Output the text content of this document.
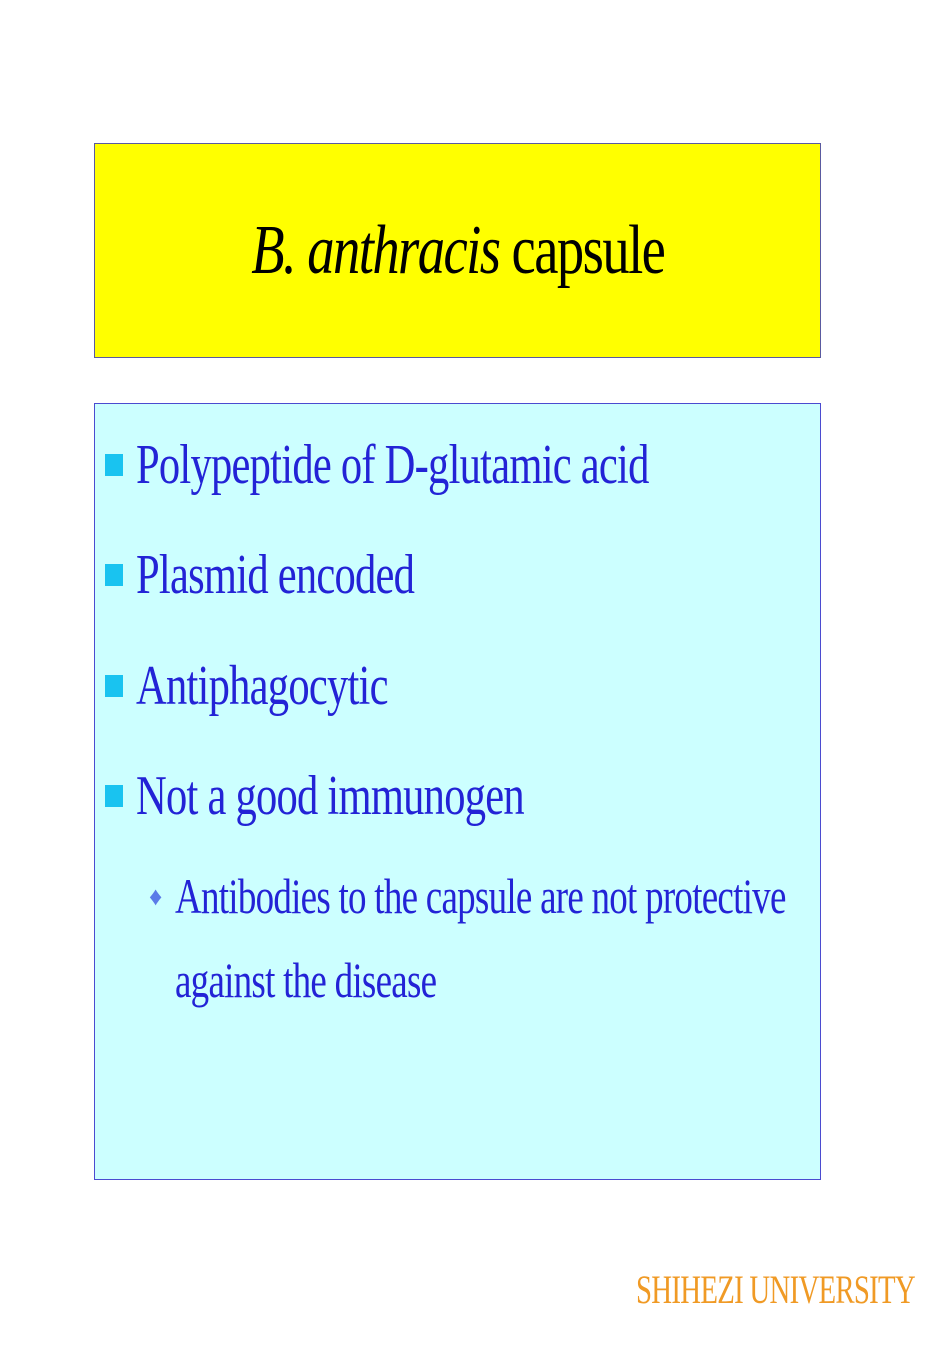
B. anthracis capsule
Polypeptide of D-glutamic acid
Plasmid encoded
Antiphagocytic
Not a good immunogen
♦ Antibodies to the capsule are not protective
against the disease
SHIHEZI UNIVERSITY
